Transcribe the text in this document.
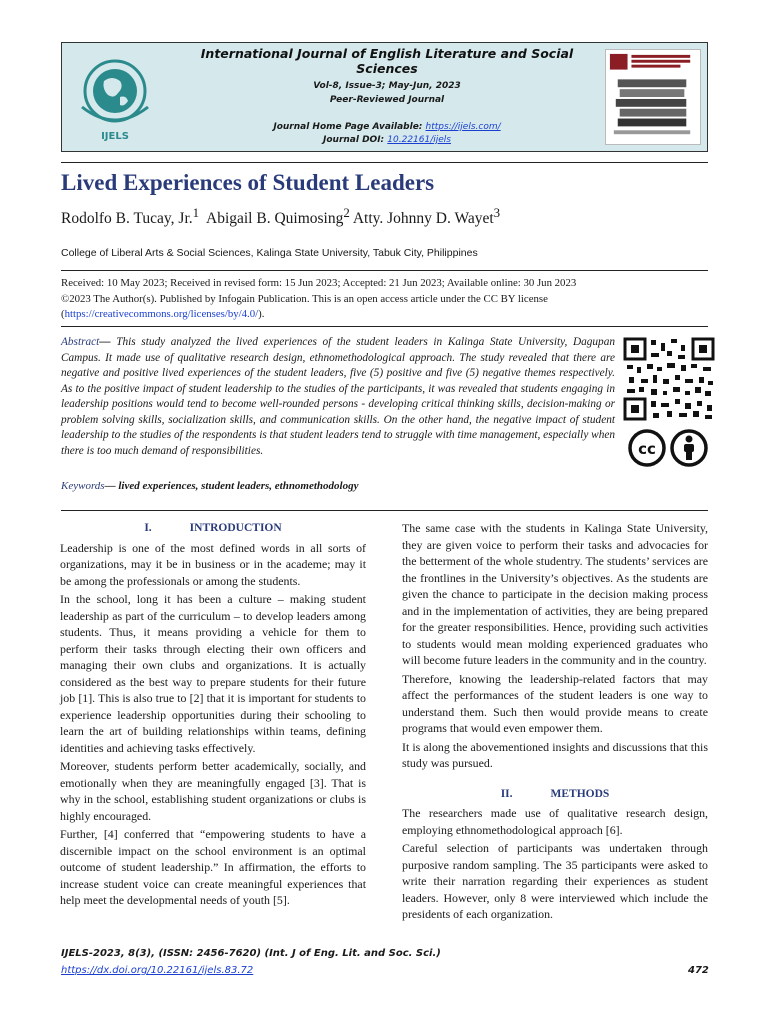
IJELS
International Journal of English Literature and Social Sciences
Vol-8, Issue-3; May-Jun, 2023
Peer-Reviewed Journal
Journal Home Page Available: https://ijels.com/
Journal DOI: 10.22161/ijels
Lived Experiences of Student Leaders
Rodolfo B. Tucay, Jr.$^1$ Abigail B. Quimosing$^2$ Atty. Johnny D. Wayet$^3$
College of Liberal Arts & Social Sciences, Kalinga State University, Tabuk City, Philippines
Received: 10 May 2023; Received in revised form: 15 Jun 2023; Accepted: 21 Jun 2023; Available online: 30 Jun 2023
©2023 The Author(s). Published by Infogain Publication. This is an open access article under the CC BY license
(https://creativecommons.org/licenses/by/4.0/).
Abstract— This study analyzed the lived experiences of the student leaders in Kalinga State University, Dagupan Campus. It made use of qualitative research design, ethnomethodological approach. The study revealed that there are negative and positive lived experiences of the student leaders, five (5) positive and five (5) negative themes respectively. As to the positive impact of student leadership to the studies of the participants, it was revealed that students engaging in leadership positions would tend to become well-rounded persons - developing critical thinking skills, decision-making or problem solving skills, socialization skills, and communication skills. On the other hand, the negative impact of student leadership to the studies of the respondents is that student leaders tend to struggle with time management, especially when there is too much demand of responsibilities.
Keywords— lived experiences, student leaders, ethnomethodology
cc
I.	INTRODUCTION

Leadership is one of the most defined words in all sorts of organizations, may it be in business or in the academe; may it be among the professionals or among the students.

In the school, long it has been a culture – making student leadership as part of the curriculum – to develop leaders among students. Thus, it means providing a vehicle for them to perform their tasks through electing their own officers and managing their own clubs and organizations. It is actually considered as the best way to prepare students for their future job [1]. This is also true to [2] that it is important for students to experience leadership opportunities during their schooling to learn the art of building relationships within teams, defining identities and achieving tasks effectively.

Moreover, students perform better academically, socially, and emotionally when they are meaningfully engaged [3]. That is why in the school, establishing student organizations or clubs is highly encouraged.

Further, [4] conferred that “empowering students to have a discernible impact on the school environment is an optimal outcome of student leadership.” In affirmation, the efforts to increase student voice can create meaningful experiences that help meet the developmental needs of youth [5].

The same case with the students in Kalinga State University, they are given voice to perform their tasks and advocacies for the betterment of the whole studentry. The students’ services are the frontlines in the University’s objectives. As the students are given the chance to participate in the decision making process and in the implementation of activities, they are being prepared for the greater responsibilities. Hence, providing such activities to students would mean molding experienced graduates who will become future leaders in the community and in the country.

Therefore, knowing the leadership-related factors that may affect the performances of the student leaders is one way to understand them. Such then would provide means to create programs that would even empower them.

It is along the abovementioned insights and discussions that this study was pursued.

II.	METHODS

The researchers made use of qualitative research design, employing ethnomethodological approach [6].

Careful selection of participants was undertaken through purposive random sampling. The 35 participants were asked to write their narration regarding their experiences as student leaders. However, only 8 were interviewed which include the presidents of each organization.

IJELS-2023, 8(3), (ISSN: 2456-7620) (Int. J of Eng. Lit. and Soc. Sci.)
https://dx.doi.org/10.22161/ijels.83.72	472
